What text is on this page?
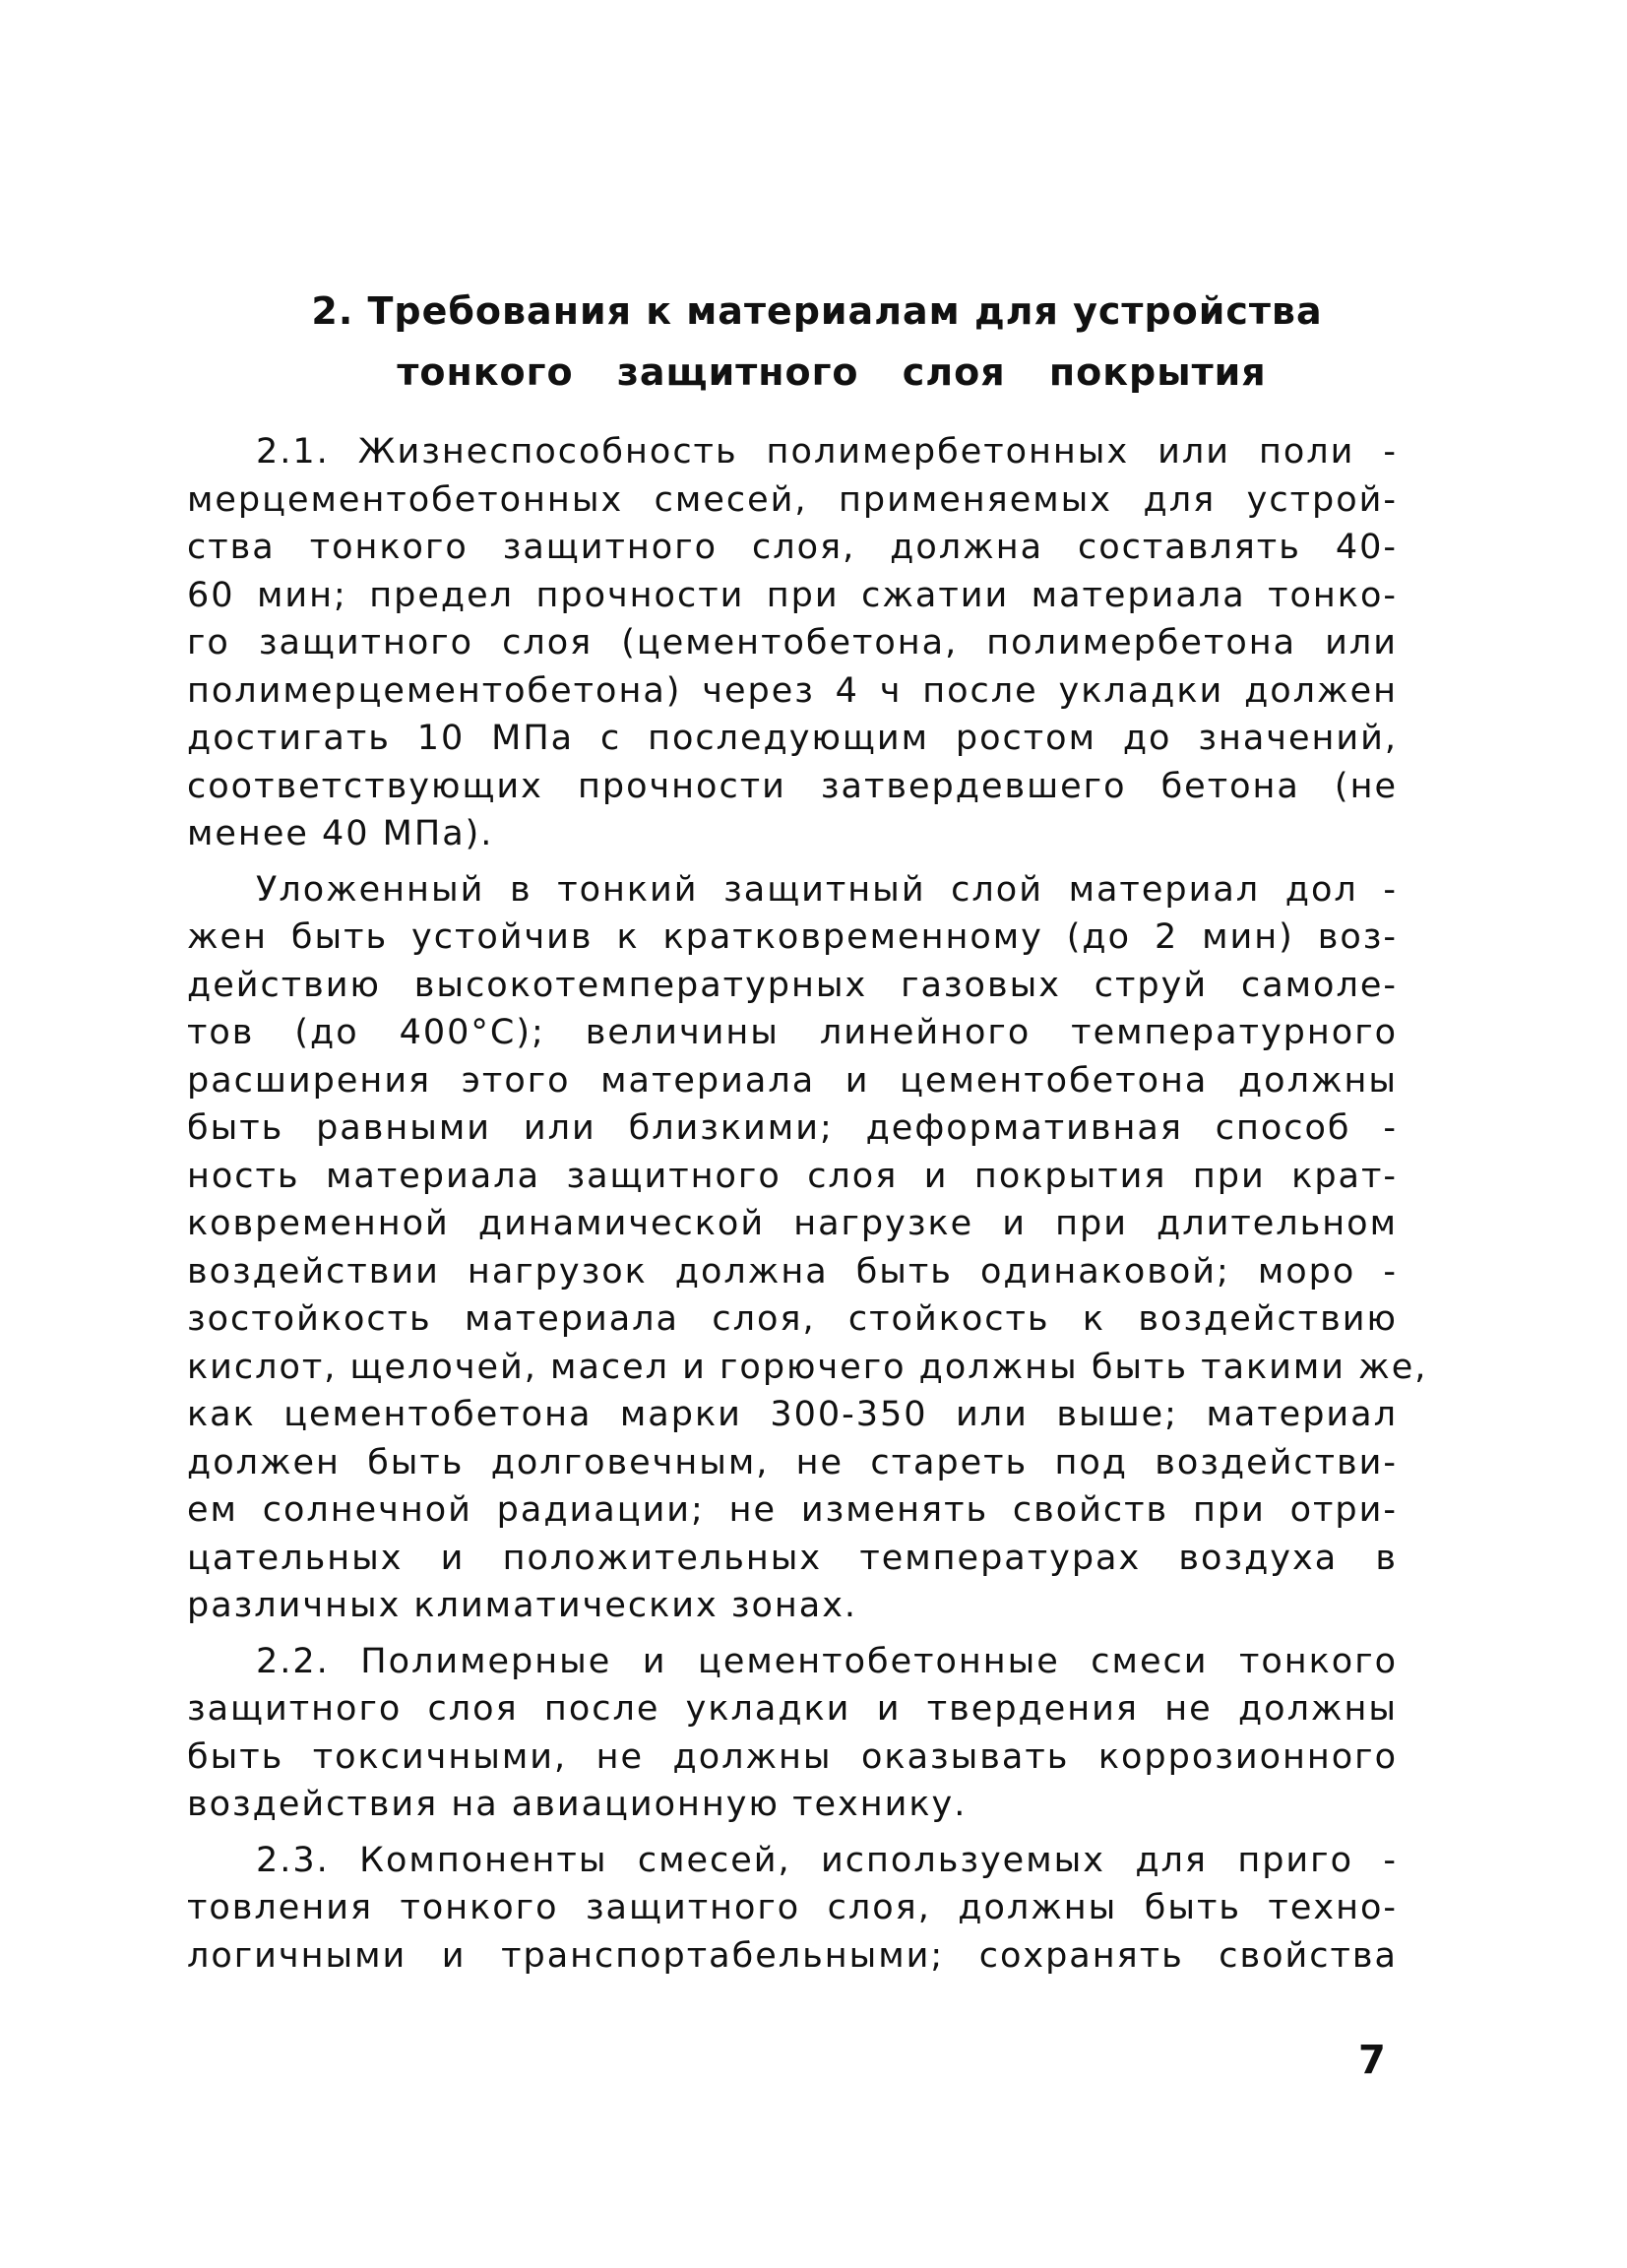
2. Требования к материалам для устройства
тонкого защитного слоя покрытия

2.1. Жизнеспособность полимербетонных или поли -
мерцементобетонных смесей, применяемых для устрой-
ства тонкого защитного слоя, должна составлять 40-
60 мин; предел прочности при сжатии материала тонко-
го защитного слоя (цементобетона, полимербетона или
полимерцементобетона) через 4 ч после укладки должен
достигать 10 МПа с последующим ростом до значений,
соответствующих прочности затвердевшего бетона (не
менее 40 МПа).

Уложенный в тонкий защитный слой материал дол -
жен быть устойчив к кратковременному (до 2 мин) воз-
действию высокотемпературных газовых струй самоле-
тов (до 400°С); величины линейного температурного
расширения этого материала и цементобетона должны
быть равными или близкими; деформативная способ -
ность материала защитного слоя и покрытия при крат-
ковременной динамической нагрузке и при длительном
воздействии нагрузок должна быть одинаковой; моро -
зостойкость материала слоя, стойкость к воздействию
кислот, щелочей, масел и горючего должны быть такими же,
как цементобетона марки 300-350 или выше; материал
должен быть долговечным, не стареть под воздействи-
ем солнечной радиации; не изменять свойств при отри-
цательных и положительных температурах воздуха в
различных климатических зонах.

2.2. Полимерные и цементобетонные смеси тонкого
защитного слоя после укладки и твердения не должны
быть токсичными, не должны оказывать коррозионного
воздействия на авиационную технику.

2.3. Компоненты смесей, используемых для приго -
товления тонкого защитного слоя, должны быть техно-
логичными и транспортабельными; сохранять свойства

7
